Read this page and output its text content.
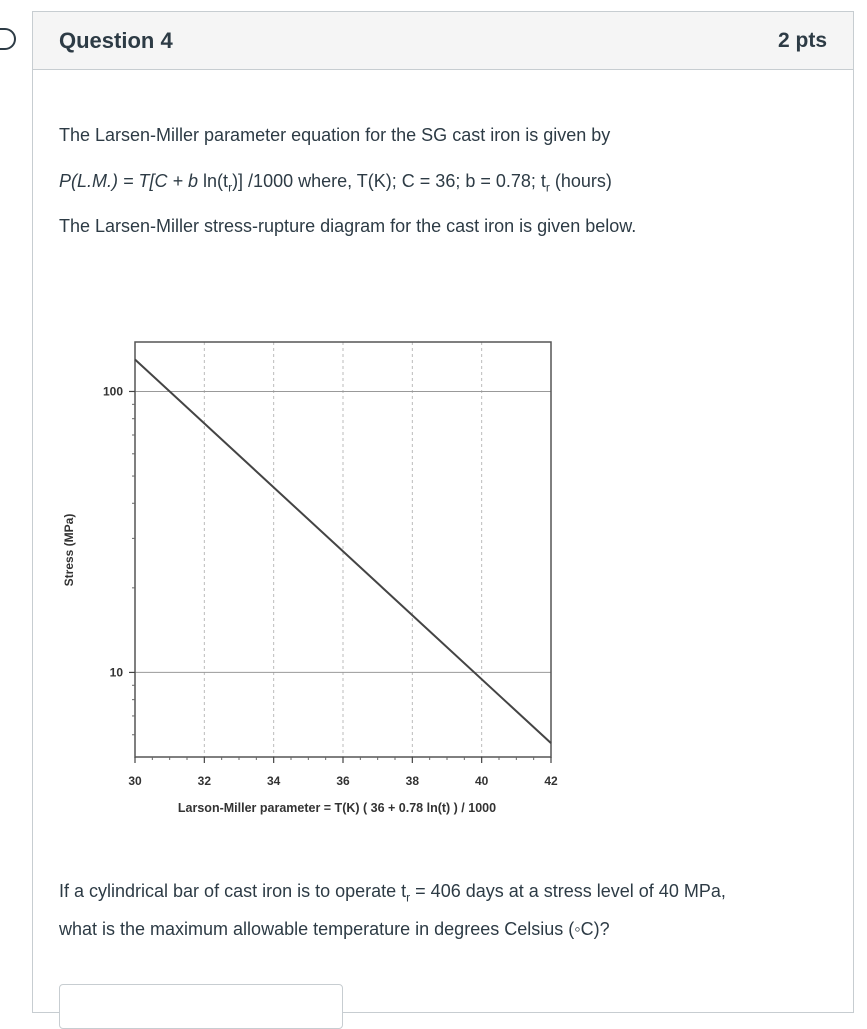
Question 4	2 pts
The Larsen-Miller parameter equation for the SG cast iron is given by
P(L.M.) = T[C + b $\ln(t_r)$] /1000 where, T(K); C = 36; b = 0.78; $t_r$ (hours)
The Larsen-Miller stress-rupture diagram for the cast iron is given below.
30	32	34	36	38	40	42
100
10
Larson-Miller parameter = T(K) ( 36 + 0.78 ln(t) ) / 1000
Stress (MPa)
If a cylindrical bar of cast iron is to operate $t_r = 406$ days at a stress level of 40 MPa,
what is the maximum allowable temperature in degrees Celsius (◦C)?
